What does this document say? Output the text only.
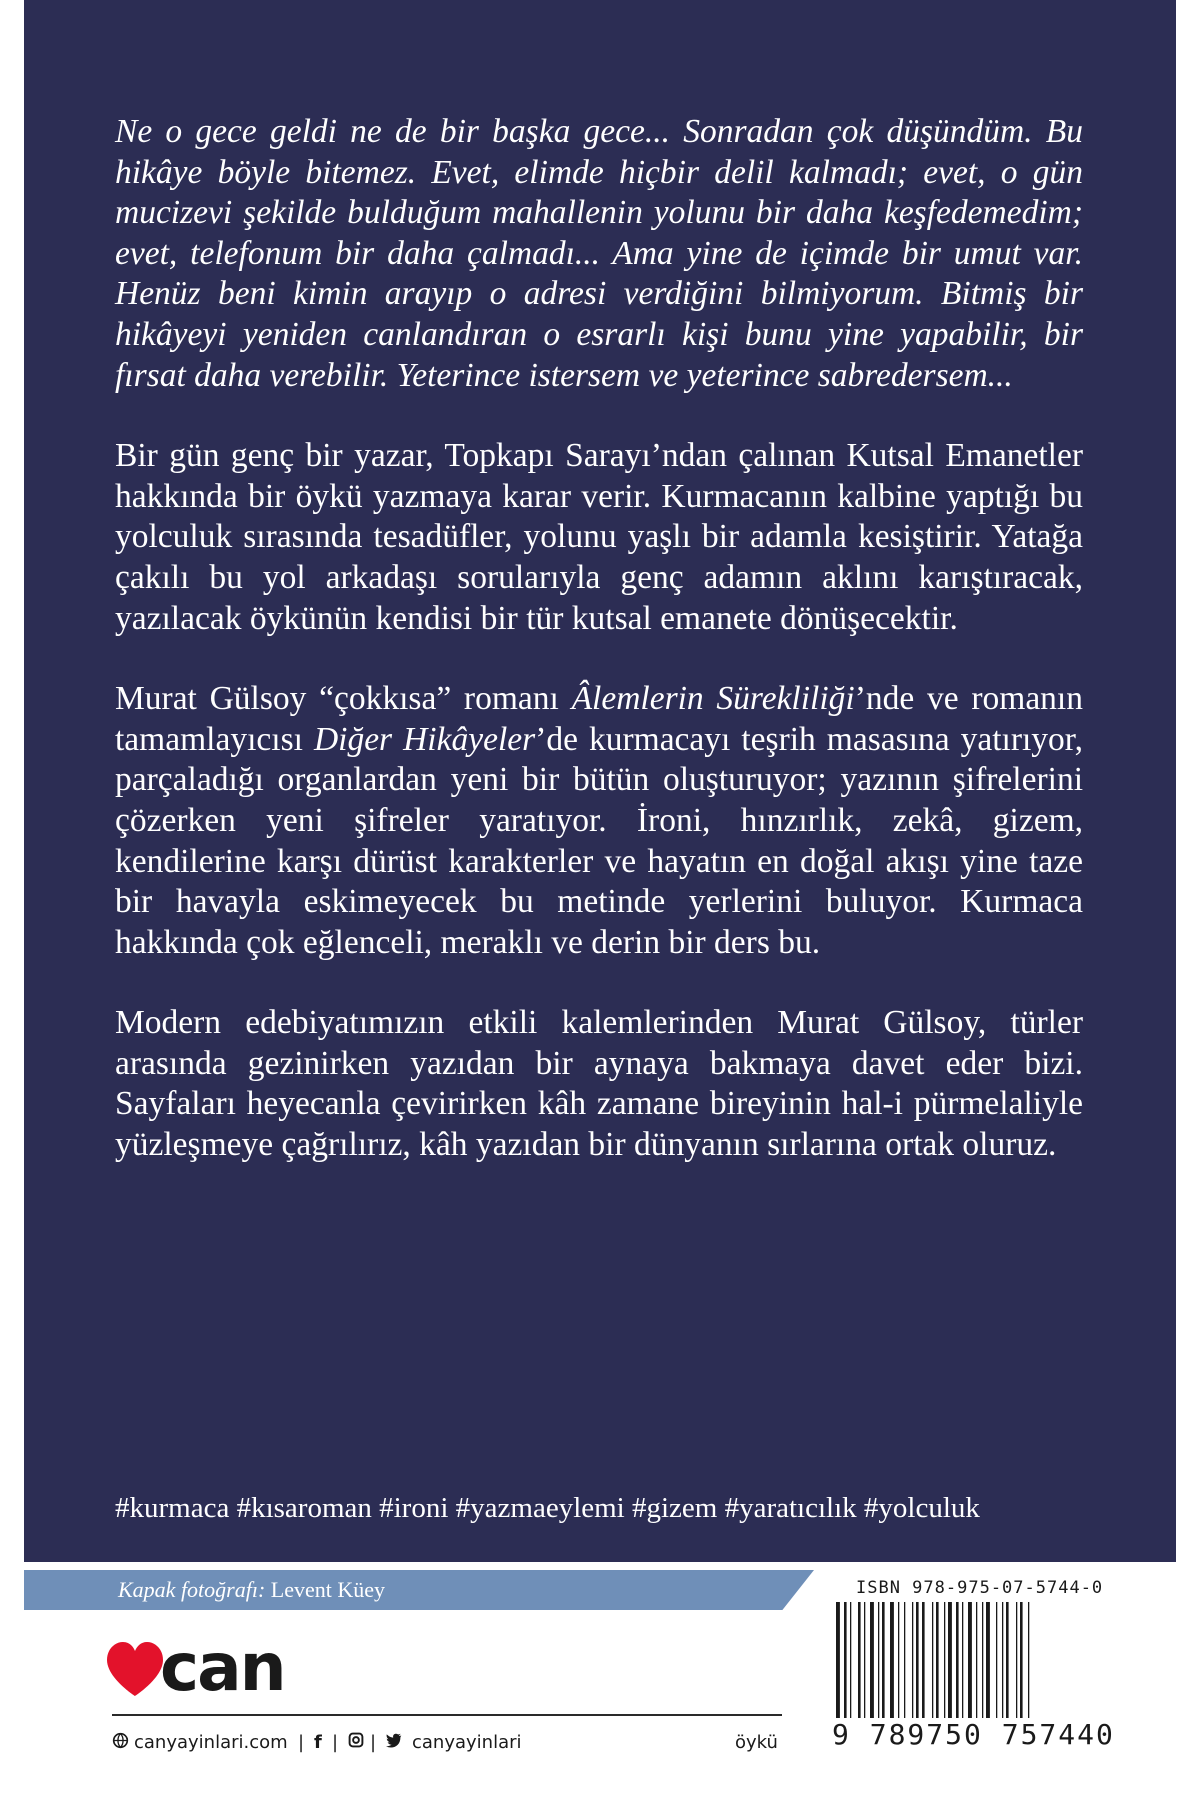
Ne o gece geldi ne de bir başka gece... Sonradan çok düşündüm. Bu hikâye böyle bitemez. Evet, elimde hiçbir delil kalmadı; evet, o gün mucizevi şekilde bulduğum mahallenin yolunu bir daha keşfedemedim; evet, telefonum bir daha çalmadı... Ama yine de içimde bir umut var. Henüz beni kimin arayıp o adresi verdiğini bilmiyorum. Bitmiş bir hikâyeyi yeniden canlandıran o esrarlı kişi bunu yine yapabilir, bir fırsat daha verebilir. Yeterince istersem ve yeterince sabredersem...

Bir gün genç bir yazar, Topkapı Sarayı’ndan çalınan Kutsal Emanetler hakkında bir öykü yazmaya karar verir. Kurmacanın kalbine yaptığı bu yolculuk sırasında tesadüfler, yolunu yaşlı bir adamla kesiştirir. Yatağa çakılı bu yol arkadaşı sorularıyla genç adamın aklını karıştıracak, yazılacak öykünün kendisi bir tür kutsal emanete dönüşecektir.

Murat Gülsoy “çokkısa” romanı Âlemlerin Sürekliliği’nde ve romanın tamamlayıcısı Diğer Hikâyeler’de kurmacayı teşrih masasına yatırıyor, parçaladığı organlardan yeni bir bütün oluşturuyor; yazının şifrelerini çözerken yeni şifreler yaratıyor. İroni, hınzırlık, zekâ, gizem, kendilerine karşı dürüst karakterler ve hayatın en doğal akışı yine taze bir havayla eskimeyecek bu metinde yerlerini buluyor. Kurmaca hakkında çok eğlenceli, meraklı ve derin bir ders bu.

Modern edebiyatımızın etkili kalemlerinden Murat Gülsoy, türler arasında gezinirken yazıdan bir aynaya bakmaya davet eder bizi. Sayfaları heyecanla çevirirken kâh zamane bireyinin hal-i pürmelaliyle yüzleşmeye çağrılırız, kâh yazıdan bir dünyanın sırlarına ortak oluruz.

#kurmaca #kısaroman #ironi #yazmaeylemi #gizem #yaratıcılık #yolculuk
Kapak fotoğrafı: Levent Küey
can
canyayinlari.com | f | | canyayinlari	öykü
ISBN 978-975-07-5744-0
9 789750 757440
